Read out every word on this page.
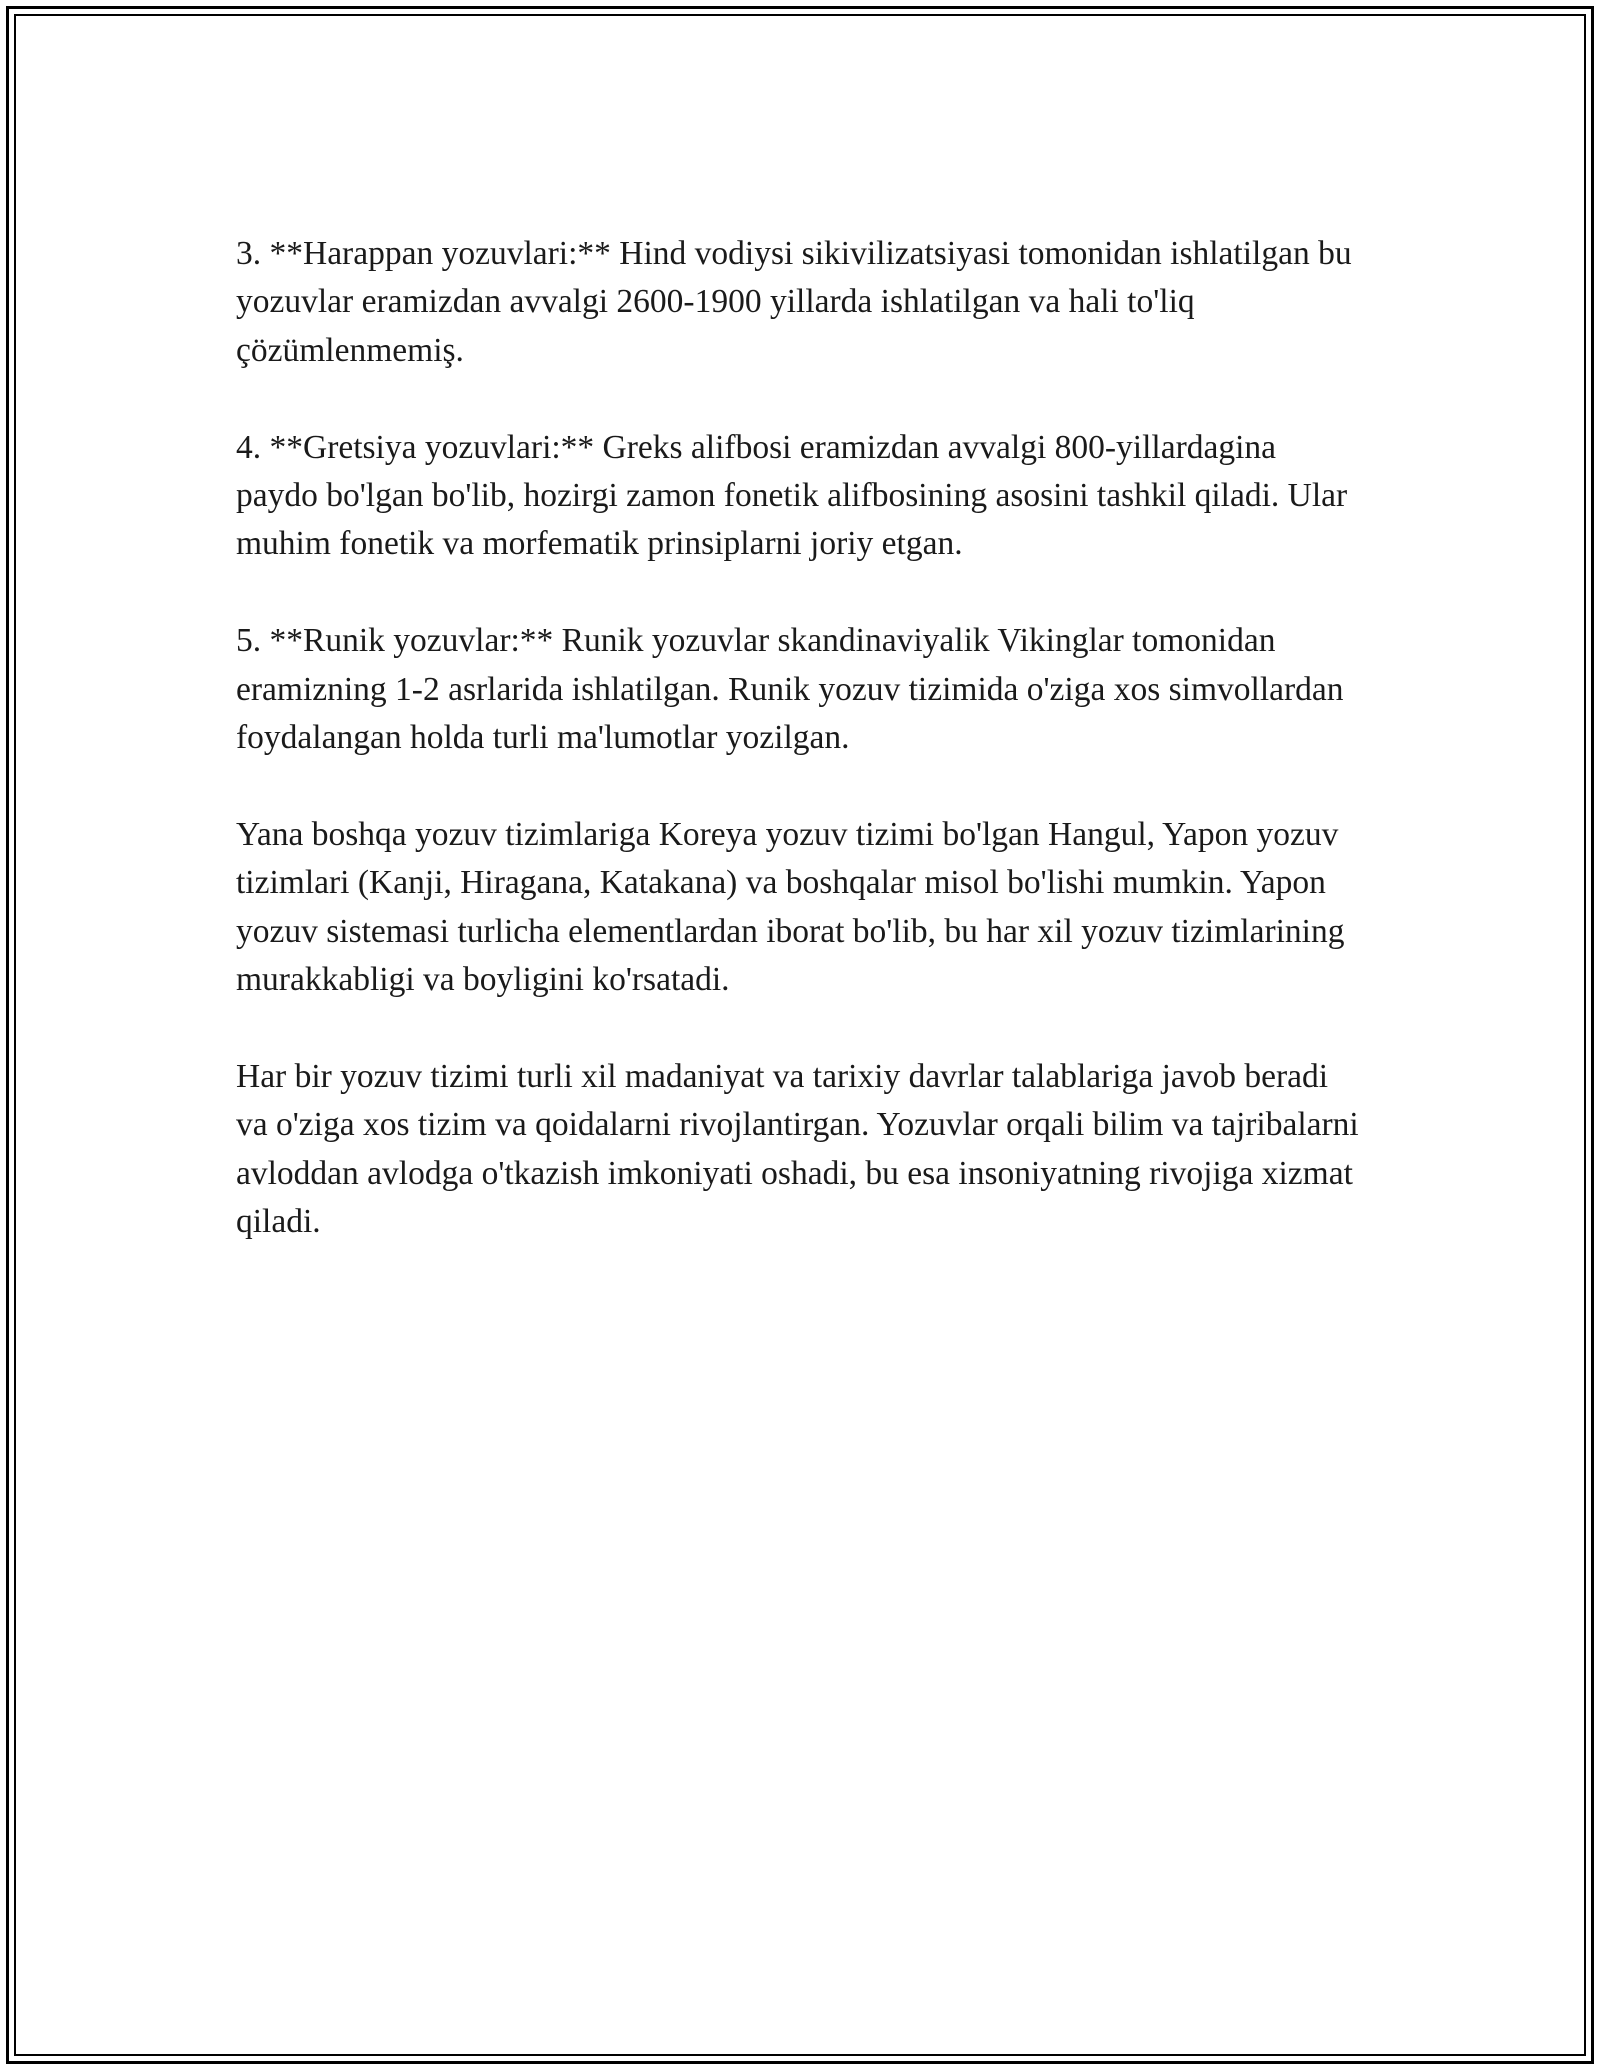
3. **Harappan yozuvlari:** Hind vodiysi sikivilizatsiyasi tomonidan ishlatilgan bu yozuvlar eramizdan avvalgi 2600-1900 yillarda ishlatilgan va hali to'liq çözümlenmemiş.

4. **Gretsiya yozuvlari:** Greks alifbosi eramizdan avvalgi 800-yillardagina paydo bo'lgan bo'lib, hozirgi zamon fonetik alifbosining asosini tashkil qiladi. Ular muhim fonetik va morfematik prinsiplarni joriy etgan.

5. **Runik yozuvlar:** Runik yozuvlar skandinaviyalik Vikinglar tomonidan eramizning 1-2 asrlarida ishlatilgan. Runik yozuv tizimida o'ziga xos simvollardan foydalangan holda turli ma'lumotlar yozilgan.

Yana boshqa yozuv tizimlariga Koreya yozuv tizimi bo'lgan Hangul, Yapon yozuv tizimlari (Kanji, Hiragana, Katakana) va boshqalar misol bo'lishi mumkin. Yapon yozuv sistemasi turlicha elementlardan iborat bo'lib, bu har xil yozuv tizimlarining murakkabligi va boyligini ko'rsatadi.

Har bir yozuv tizimi turli xil madaniyat va tarixiy davrlar talablariga javob beradi va o'ziga xos tizim va qoidalarni rivojlantirgan. Yozuvlar orqali bilim va tajribalarni avloddan avlodga o'tkazish imkoniyati oshadi, bu esa insoniyatning rivojiga xizmat qiladi.
